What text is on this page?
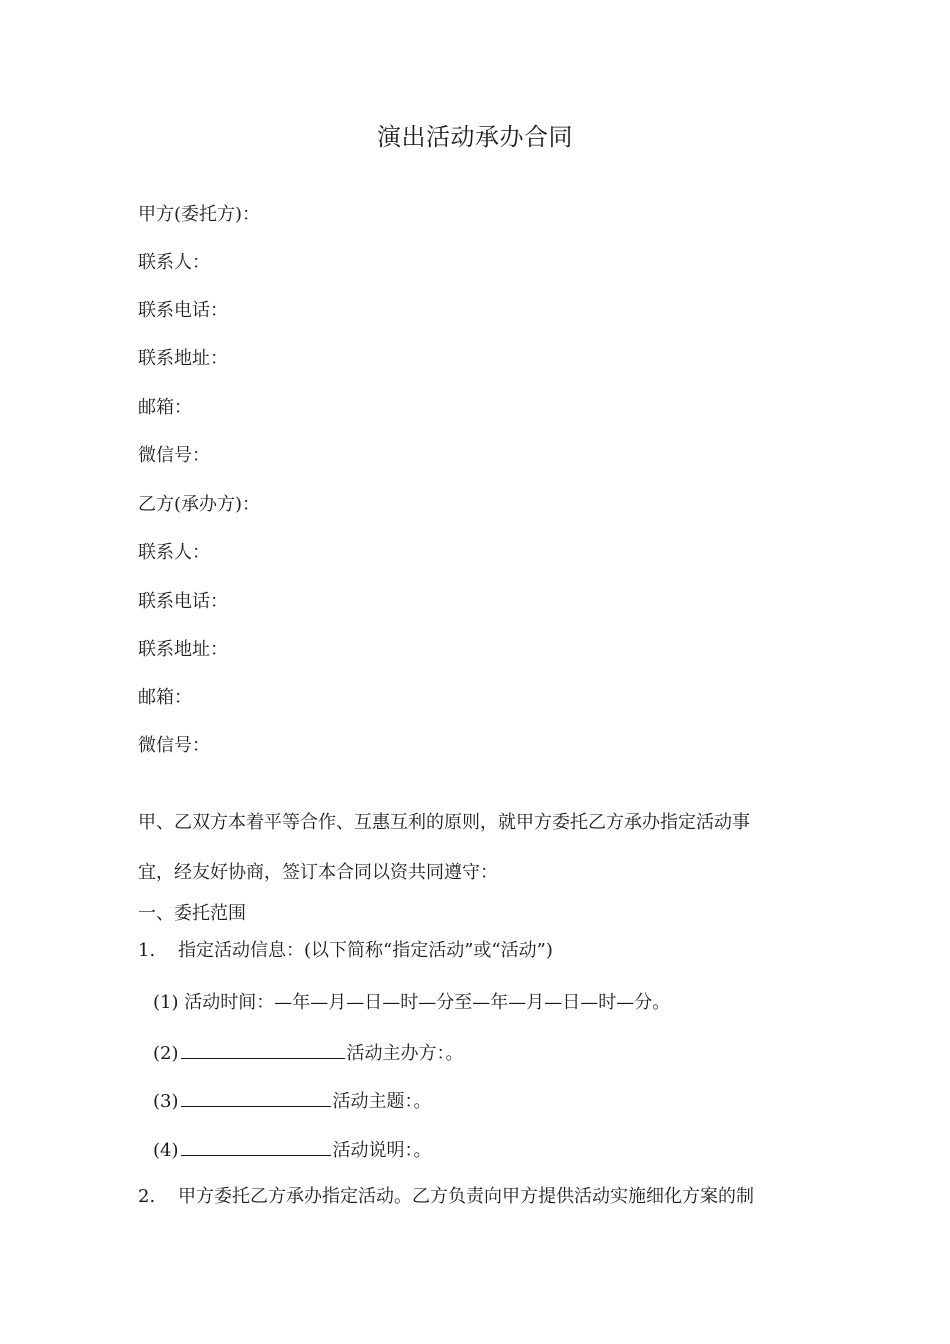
演出活动承办合同
甲方(委托方)：
联系人：
联系电话：
联系地址：
邮箱：
微信号：
乙方(承办方)：
联系人：
联系电话：
联系地址：
邮箱：
微信号：
甲、乙双方本着平等合作、互惠互利的原则，就甲方委托乙方承办指定活动事
宜，经友好协商，签订本合同以资共同遵守：
一、委托范围
1. 指定活动信息：(以下简称“指定活动”或“活动”)
(1) 活动时间：—年—月—日—时—分至—年—月—日—时—分。
(2)	活动主办方：。
(3)	活动主题：。
(4)	活动说明：。
2. 甲方委托乙方承办指定活动。乙方负责向甲方提供活动实施细化方案的制
